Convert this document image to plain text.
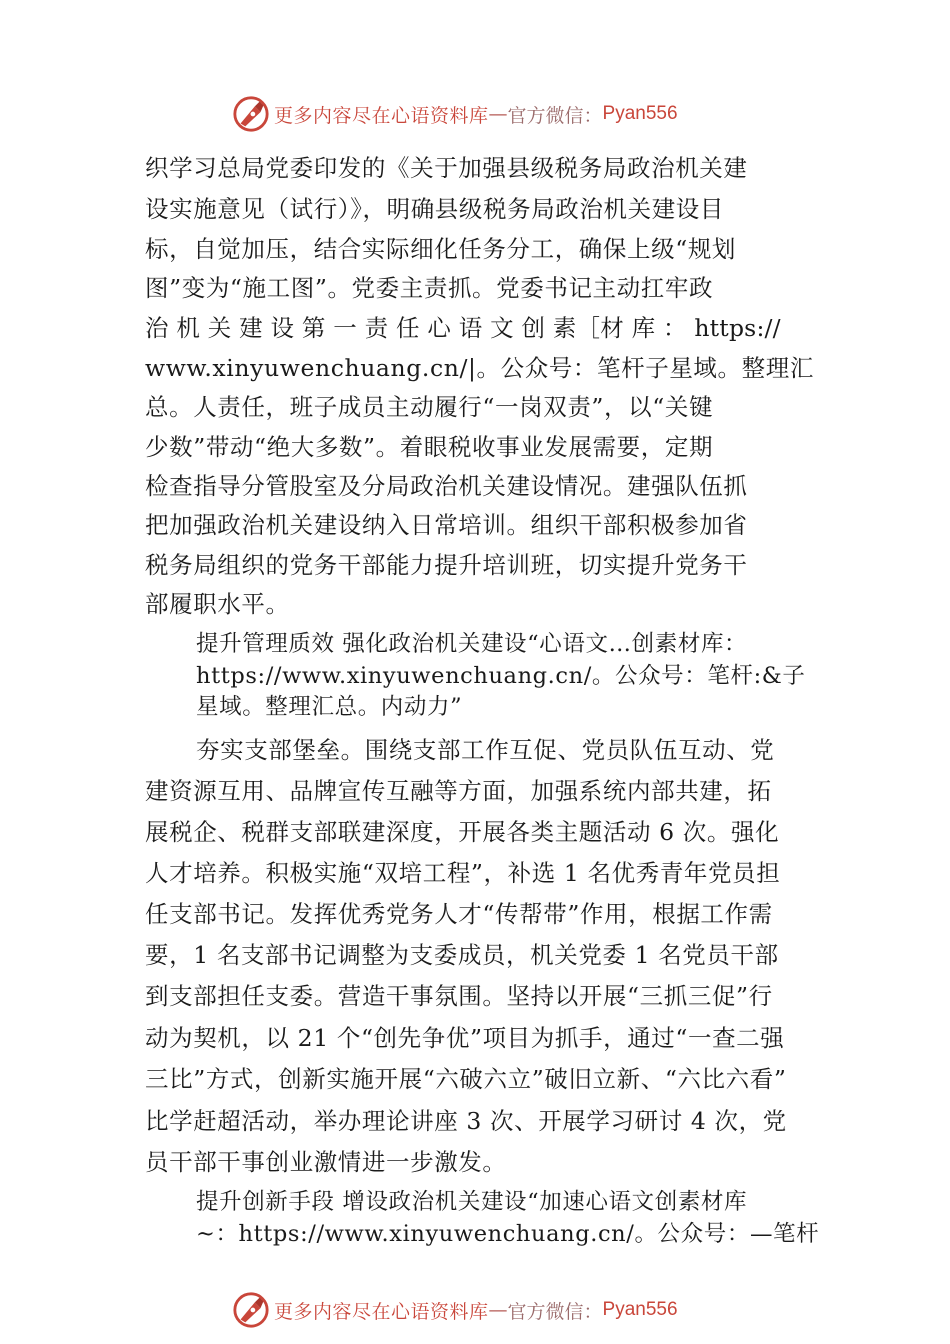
更多内容尽在心语资料库 — 官方微信： Pyan556
织学习总局党委印发的《关于加强县级税务局政治机关建
设实施意见（试行）》，明确县级税务局政治机关建设目
标，自觉加压，结合实际细化任务分工，确保上级“规划
图”变为“施工图”。党委主责抓。党委书记主动扛牢政
治 机 关 建 设 第 一 责 任 心 语 文 创 素［材 库 ： https://
www.xinyuwenchuang.cn/|。公众号：笔杆子星域。整理汇
总。人责任，班子成员主动履行“一岗双责”，以“关键
少数”带动“绝大多数”。着眼税收事业发展需要，定期
检查指导分管股室及分局政治机关建设情况。建强队伍抓
把加强政治机关建设纳入日常培训。组织干部积极参加省
税务局组织的党务干部能力提升培训班，切实提升党务干
部履职水平。
提升管理质效 强化政治机关建设“心语文…创素材库：
https://www.xinyuwenchuang.cn/。公众号：笔杆:&子
星域。整理汇总。内动力”
夯实支部堡垒。围绕支部工作互促、党员队伍互动、党
建资源互用、品牌宣传互融等方面，加强系统内部共建，拓
展税企、税群支部联建深度，开展各类主题活动 6 次。强化
人才培养。积极实施“双培工程”，补选 1 名优秀青年党员担
任支部书记。发挥优秀党务人才“传帮带”作用，根据工作需
要，1 名支部书记调整为支委成员，机关党委 1 名党员干部
到支部担任支委。营造干事氛围。坚持以开展“三抓三促”行
动为契机，以 21 个“创先争优”项目为抓手，通过“一查二强
三比”方式，创新实施开展“六破六立”破旧立新、“六比六看”
比学赶超活动，举办理论讲座 3 次、开展学习研讨 4 次，党
员干部干事创业激情进一步激发。
提升创新手段 增设政治机关建设“加速心语文创素材库
~：https://www.xinyuwenchuang.cn/。公众号：—笔杆
更多内容尽在心语资料库 — 官方微信： Pyan556
